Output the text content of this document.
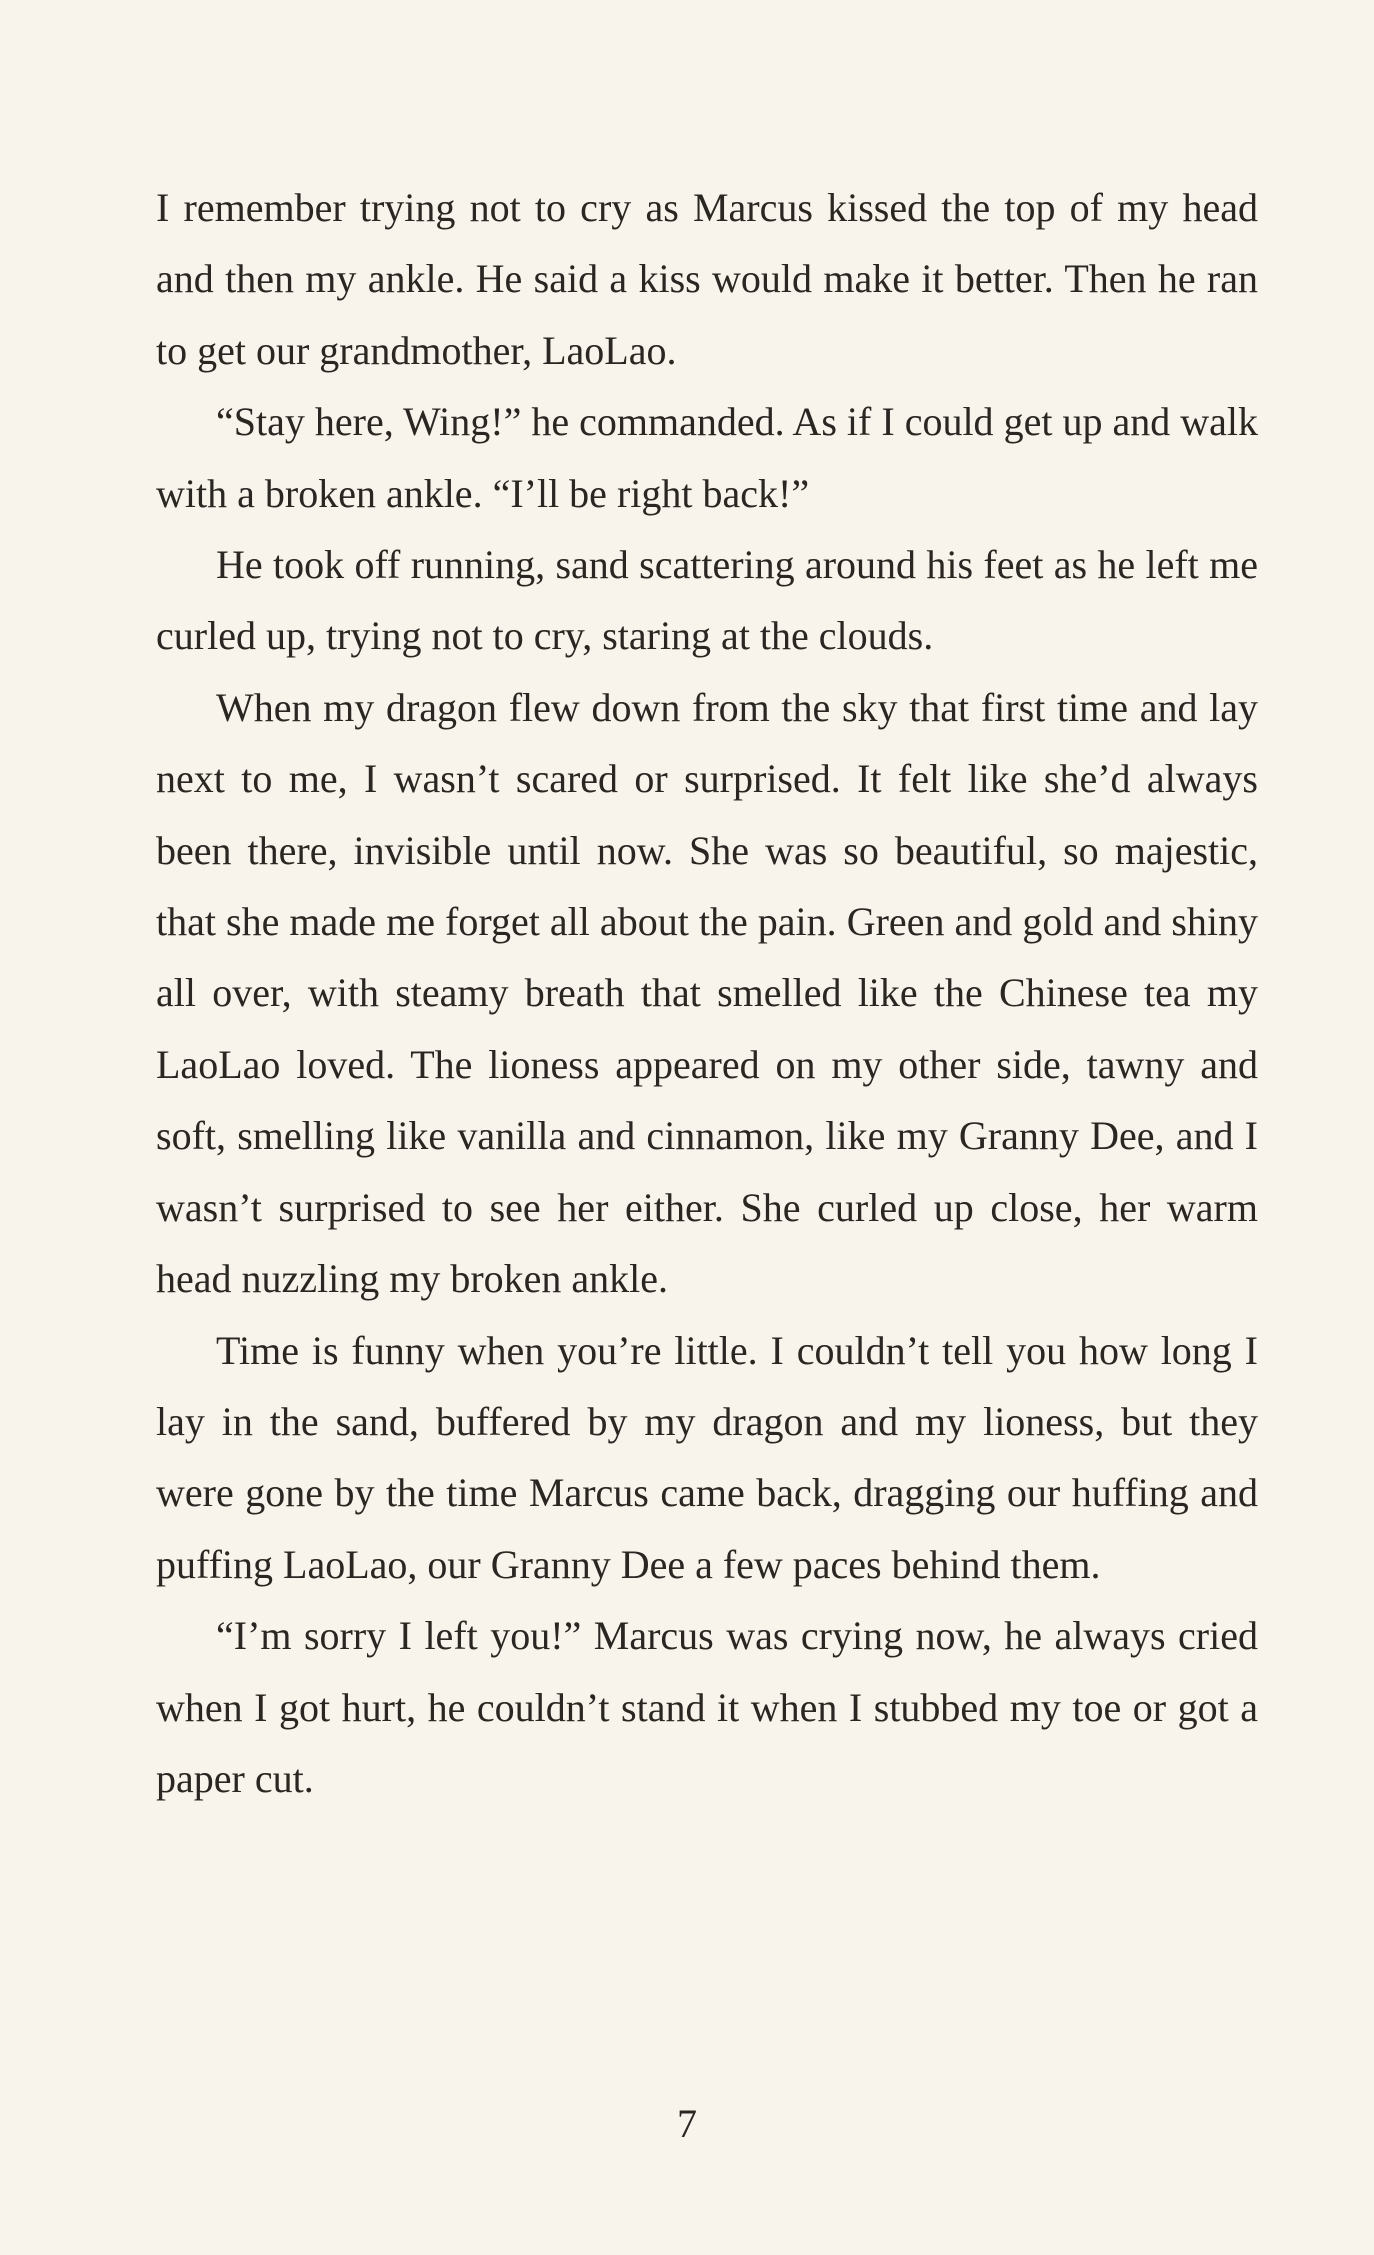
I remember trying not to cry as Marcus kissed the top of my head and then my ankle. He said a kiss would make it better. Then he ran to get our grandmother, LaoLao.

“Stay here, Wing!” he commanded. As if I could get up and walk with a broken ankle. “I’ll be right back!”

He took off running, sand scattering around his feet as he left me curled up, trying not to cry, staring at the clouds.

When my dragon flew down from the sky that first time and lay next to me, I wasn’t scared or surprised. It felt like she’d always been there, invisible until now. She was so beautiful, so majestic, that she made me forget all about the pain. Green and gold and shiny all over, with steamy breath that smelled like the Chinese tea my LaoLao loved. The lioness appeared on my other side, tawny and soft, smelling like vanilla and cinnamon, like my Granny Dee, and I wasn’t surprised to see her either. She curled up close, her warm head nuzzling my broken ankle.

Time is funny when you’re little. I couldn’t tell you how long I lay in the sand, buffered by my dragon and my lioness, but they were gone by the time Marcus came back, dragging our huffing and puffing LaoLao, our Granny Dee a few paces behind them.

“I’m sorry I left you!” Marcus was crying now, he always cried when I got hurt, he couldn’t stand it when I stubbed my toe or got a paper cut.

7
